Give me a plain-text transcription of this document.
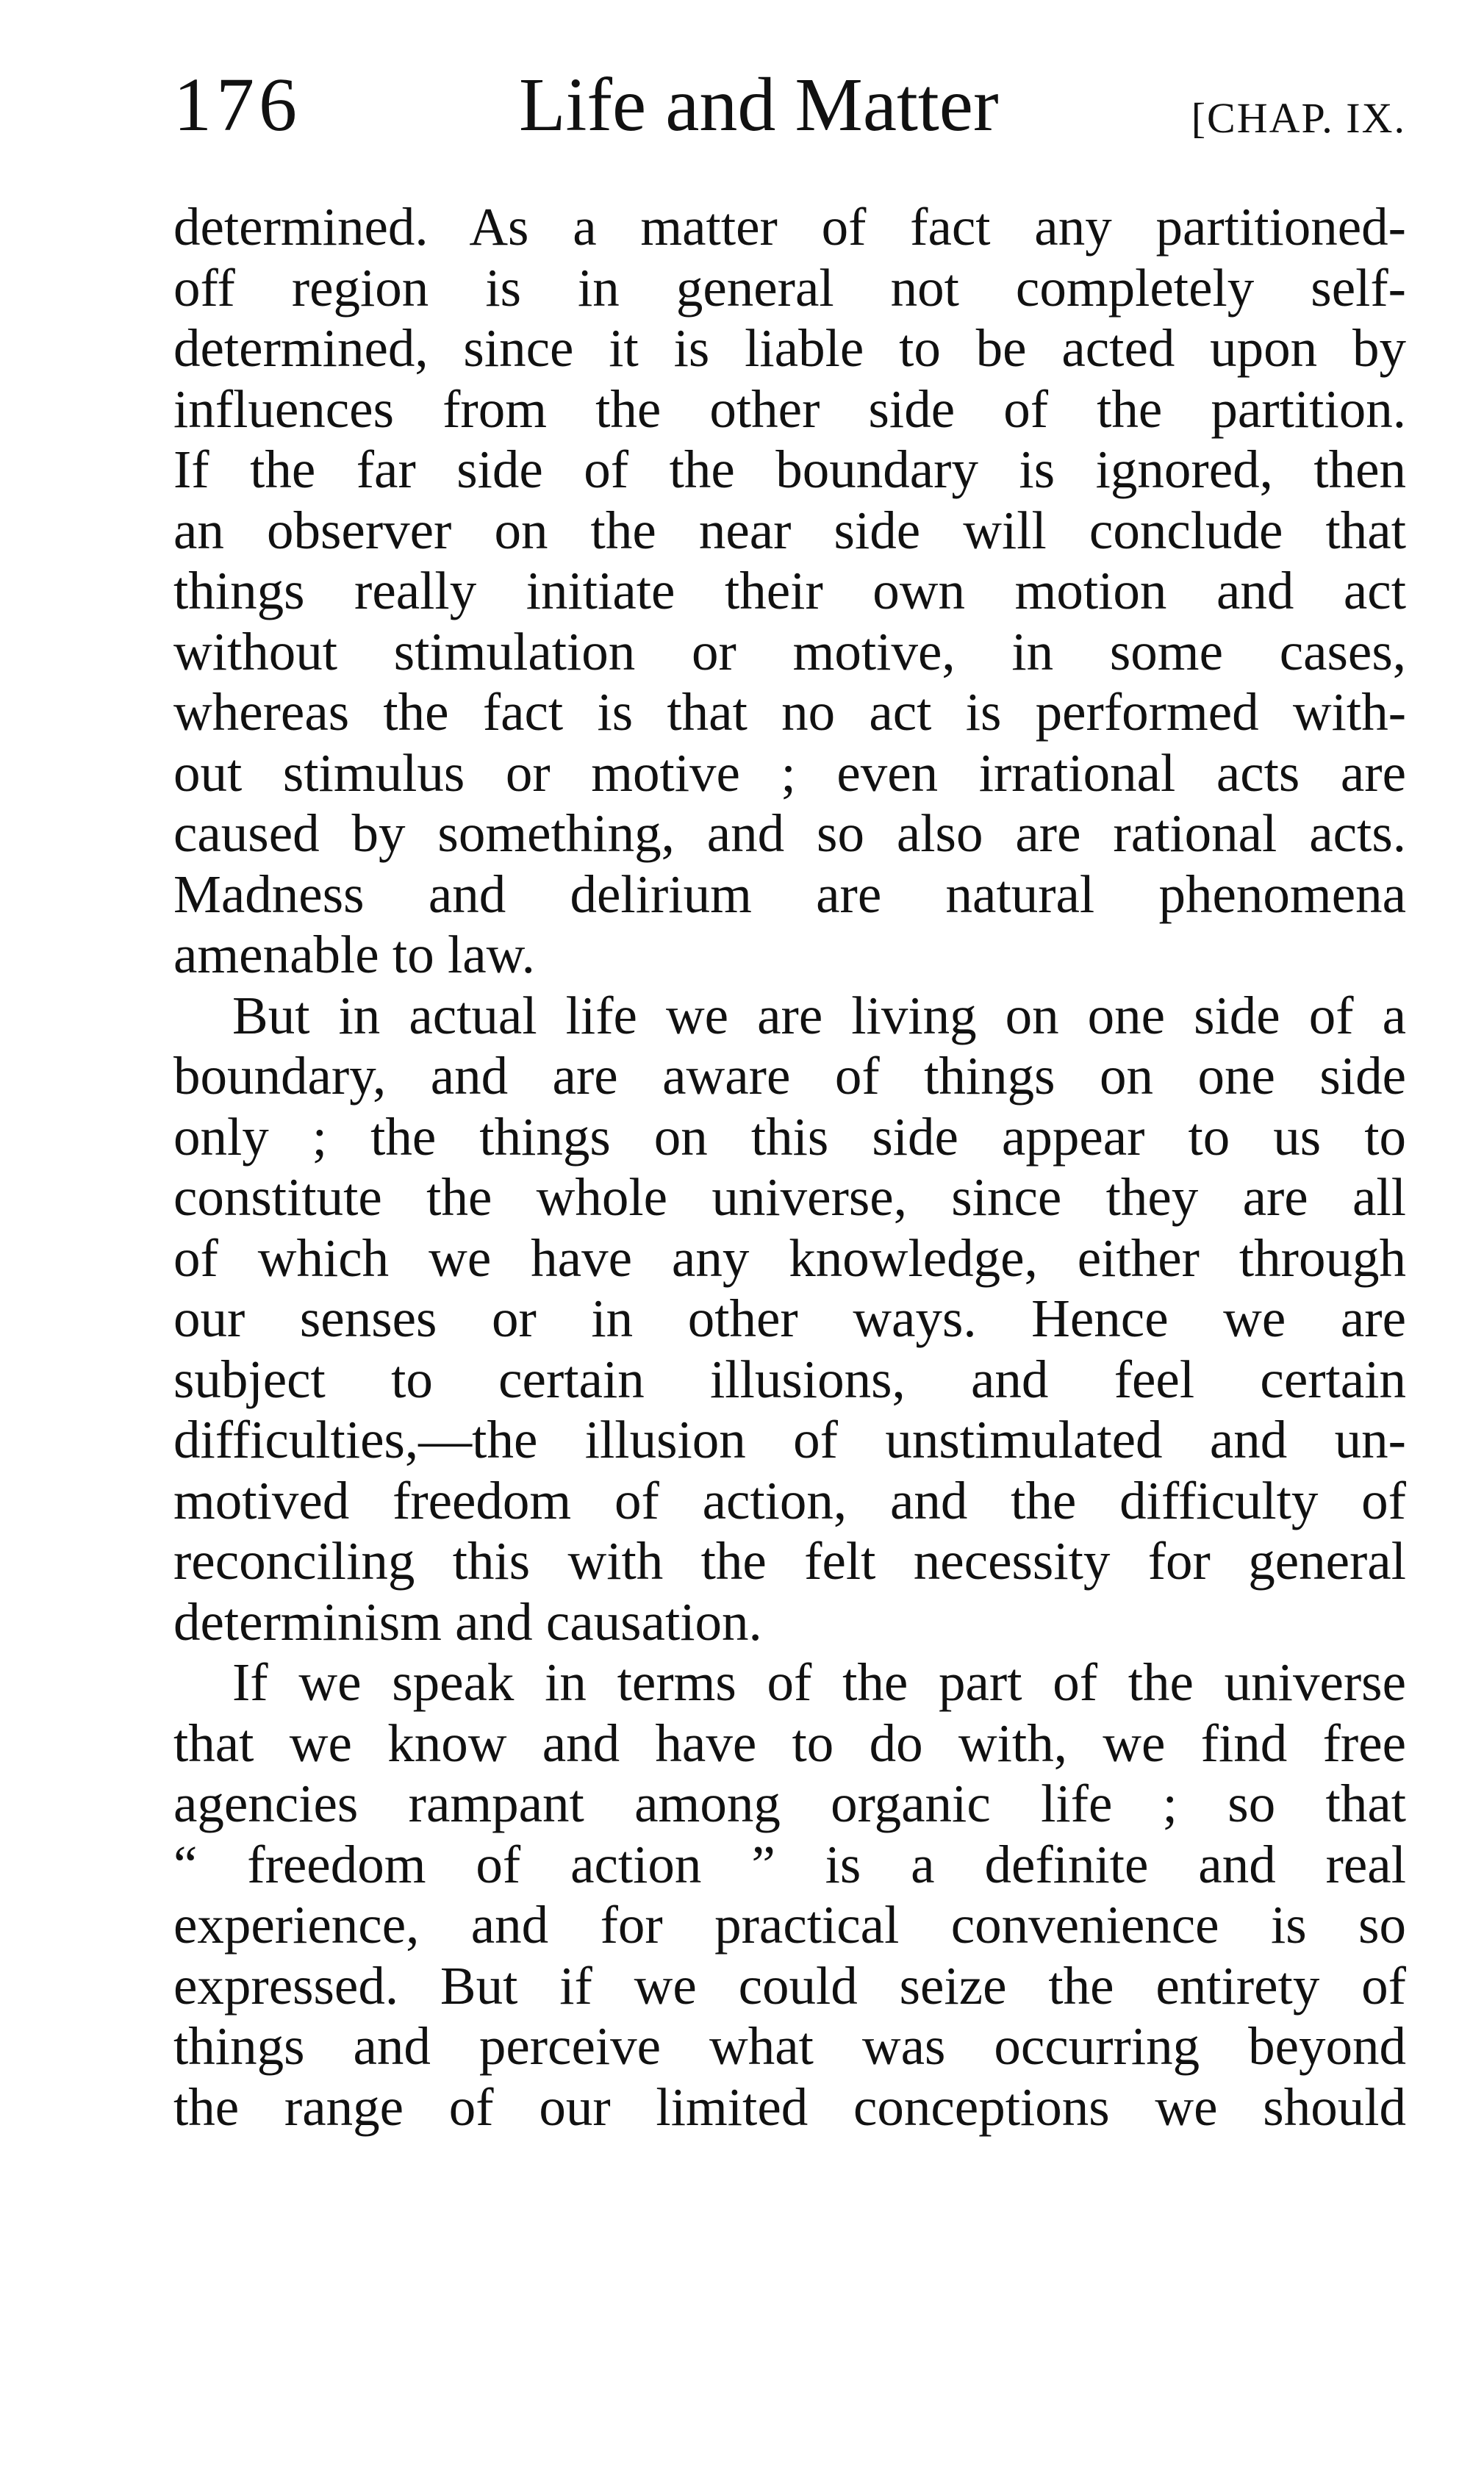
176	Life and Matter	[CHAP. IX.
determined. As a matter of fact any partitioned-
off region is in general not completely self-
determined, since it is liable to be acted upon by
influences from the other side of the partition.
If the far side of the boundary is ignored, then
an observer on the near side will conclude that
things really initiate their own motion and act
without stimulation or motive, in some cases,
whereas the fact is that no act is performed with-
out stimulus or motive ; even irrational acts are
caused by something, and so also are rational acts.
Madness and delirium are natural phenomena
amenable to law.
But in actual life we are living on one side of a
boundary, and are aware of things on one side
only ; the things on this side appear to us to
constitute the whole universe, since they are all
of which we have any knowledge, either through
our senses or in other ways. Hence we are
subject to certain illusions, and feel certain
difficulties,—the illusion of unstimulated and un-
motived freedom of action, and the difficulty of
reconciling this with the felt necessity for general
determinism and causation.
If we speak in terms of the part of the universe
that we know and have to do with, we find free
agencies rampant among organic life ; so that
“ freedom of action ” is a definite and real
experience, and for practical convenience is so
expressed. But if we could seize the entirety of
things and perceive what was occurring beyond
the range of our limited conceptions we should
